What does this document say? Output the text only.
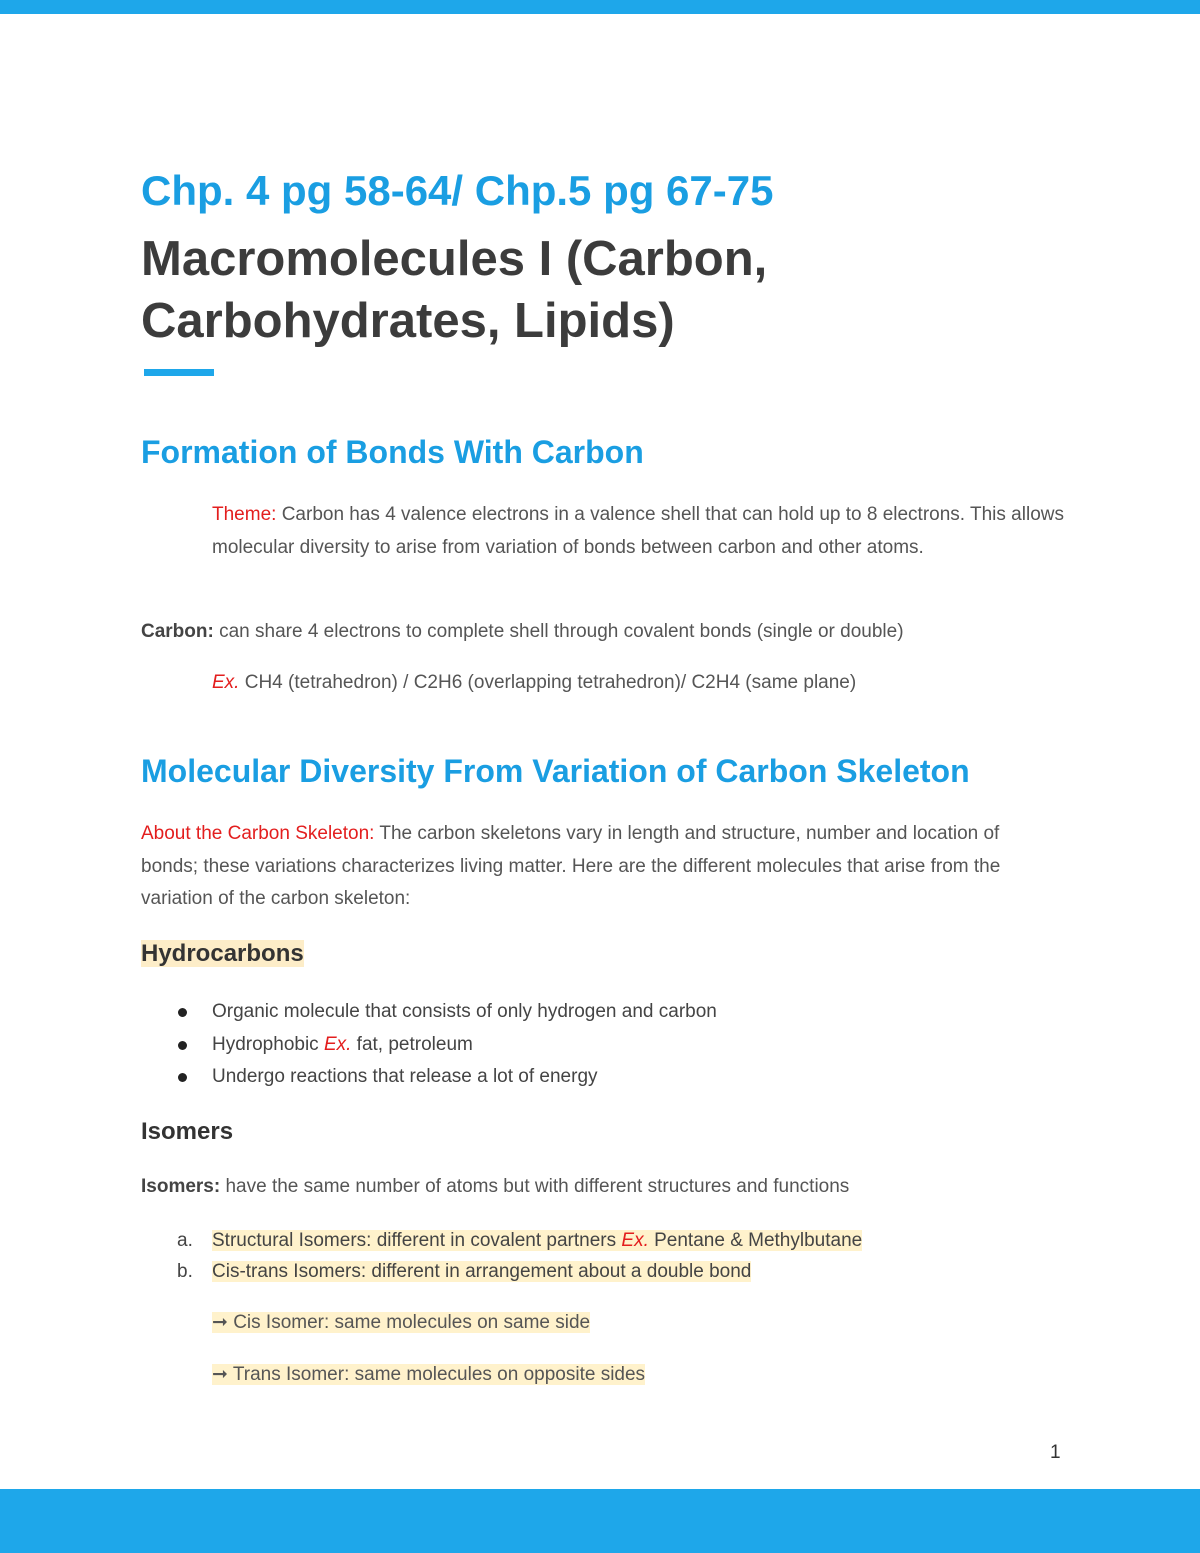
Chp. 4 pg 58-64/ Chp.5 pg 67-75
Macromolecules I (Carbon, Carbohydrates, Lipids)
Formation of Bonds With Carbon

Theme: Carbon has 4 valence electrons in a valence shell that can hold up to 8 electrons. This allows molecular diversity to arise from variation of bonds between carbon and other atoms.

Carbon: can share 4 electrons to complete shell through covalent bonds (single or double)

Ex. CH4 (tetrahedron) / C2H6 (overlapping tetrahedron)/ C2H4 (same plane)

Molecular Diversity From Variation of Carbon Skeleton

About the Carbon Skeleton: The carbon skeletons vary in length and structure, number and location of bonds; these variations characterizes living matter. Here are the different molecules that arise from the variation of the carbon skeleton:

Hydrocarbons
Organic molecule that consists of only hydrogen and carbon
Hydrophobic Ex. fat, petroleum
Undergo reactions that release a lot of energy
Isomers

Isomers: have the same number of atoms but with different structures and functions

a. Structural Isomers: different in covalent partners Ex. Pentane & Methylbutane
b. Cis-trans Isomers: different in arrangement about a double bond

➞ Cis Isomer: same molecules on same side

➞ Trans Isomer: same molecules on opposite sides

1
